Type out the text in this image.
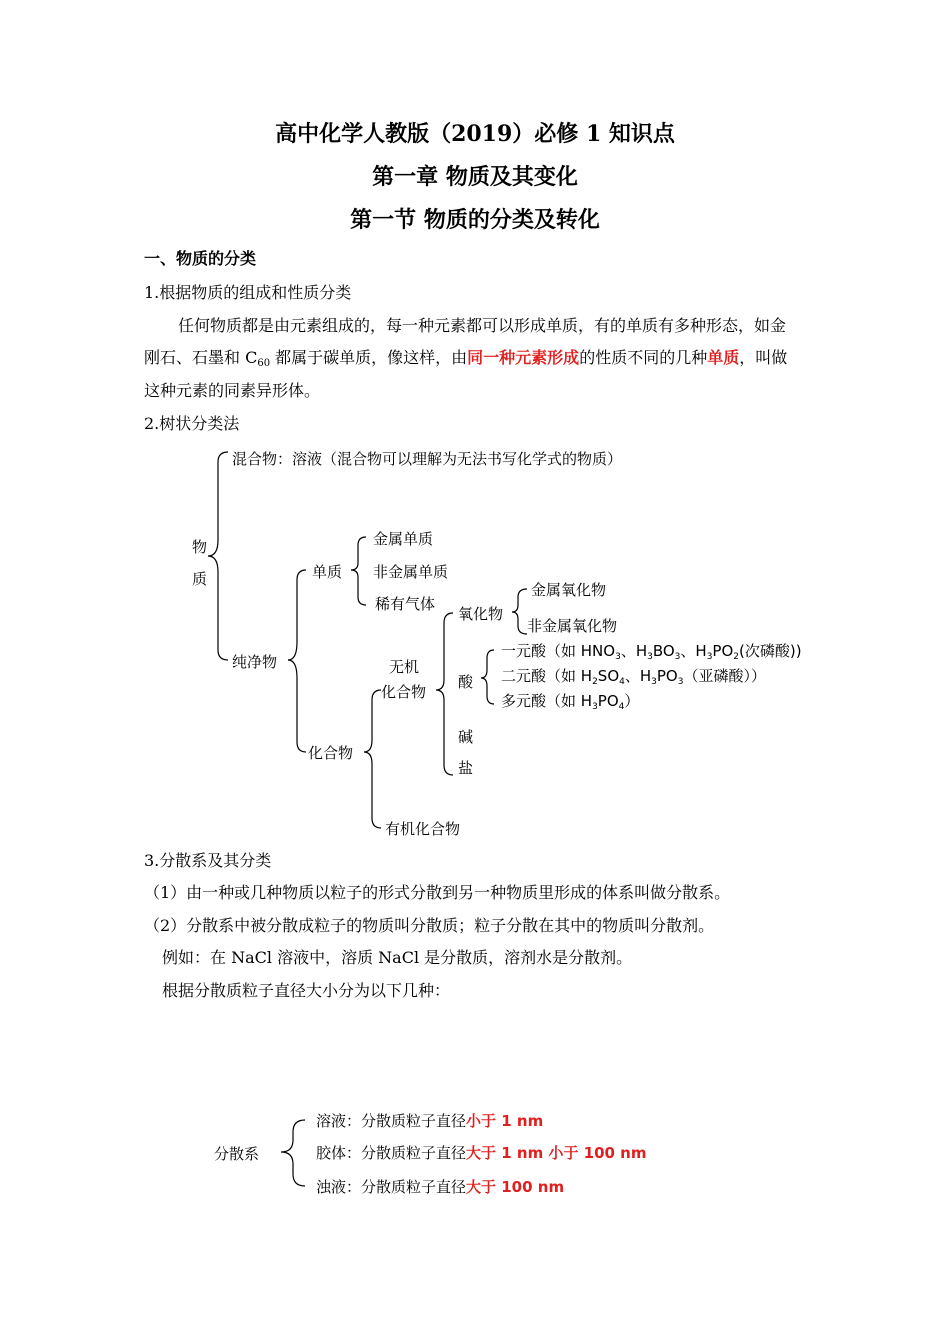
高中化学人教版（2019）必修 1 知识点
第一章 物质及其变化
第一节 物质的分类及转化
一、物质的分类
1.根据物质的组成和性质分类
任何物质都是由元素组成的，每一种元素都可以形成单质，有的单质有多种形态，如金
刚石、石墨和 $C_{60}$ 都属于碳单质，像这样，由同一种元素形成的性质不同的几种单质，叫做
这种元素的同素异形体。
2.树状分类法
物
质
混合物：溶液（混合物可以理解为无法书写化学式的物质）
纯净物
单质
金属单质
非金属单质
稀有气体
化合物
无机
化合物
有机化合物
氧化物
金属氧化物
非金属氧化物
酸
碱
盐
一元酸（如 $HNO_3$、$H_3BO_3$、$H_3PO_2$(次磷酸))
二元酸（如 $H_2SO_4$、$H_3PO_3$（亚磷酸））
多元酸（如 $H_3PO_4$）
3.分散系及其分类
（1）由一种或几种物质以粒子的形式分散到另一种物质里形成的体系叫做分散系。
（2）分散系中被分散成粒子的物质叫分散质；粒子分散在其中的物质叫分散剂。
例如：在 NaCl 溶液中，溶质 NaCl 是分散质，溶剂水是分散剂。
根据分散质粒子直径大小分为以下几种：
分散系
溶液：分散质粒子直径小于 1 nm
胶体：分散质粒子直径大于 1 nm 小于 100 nm
浊液：分散质粒子直径大于 100 nm
